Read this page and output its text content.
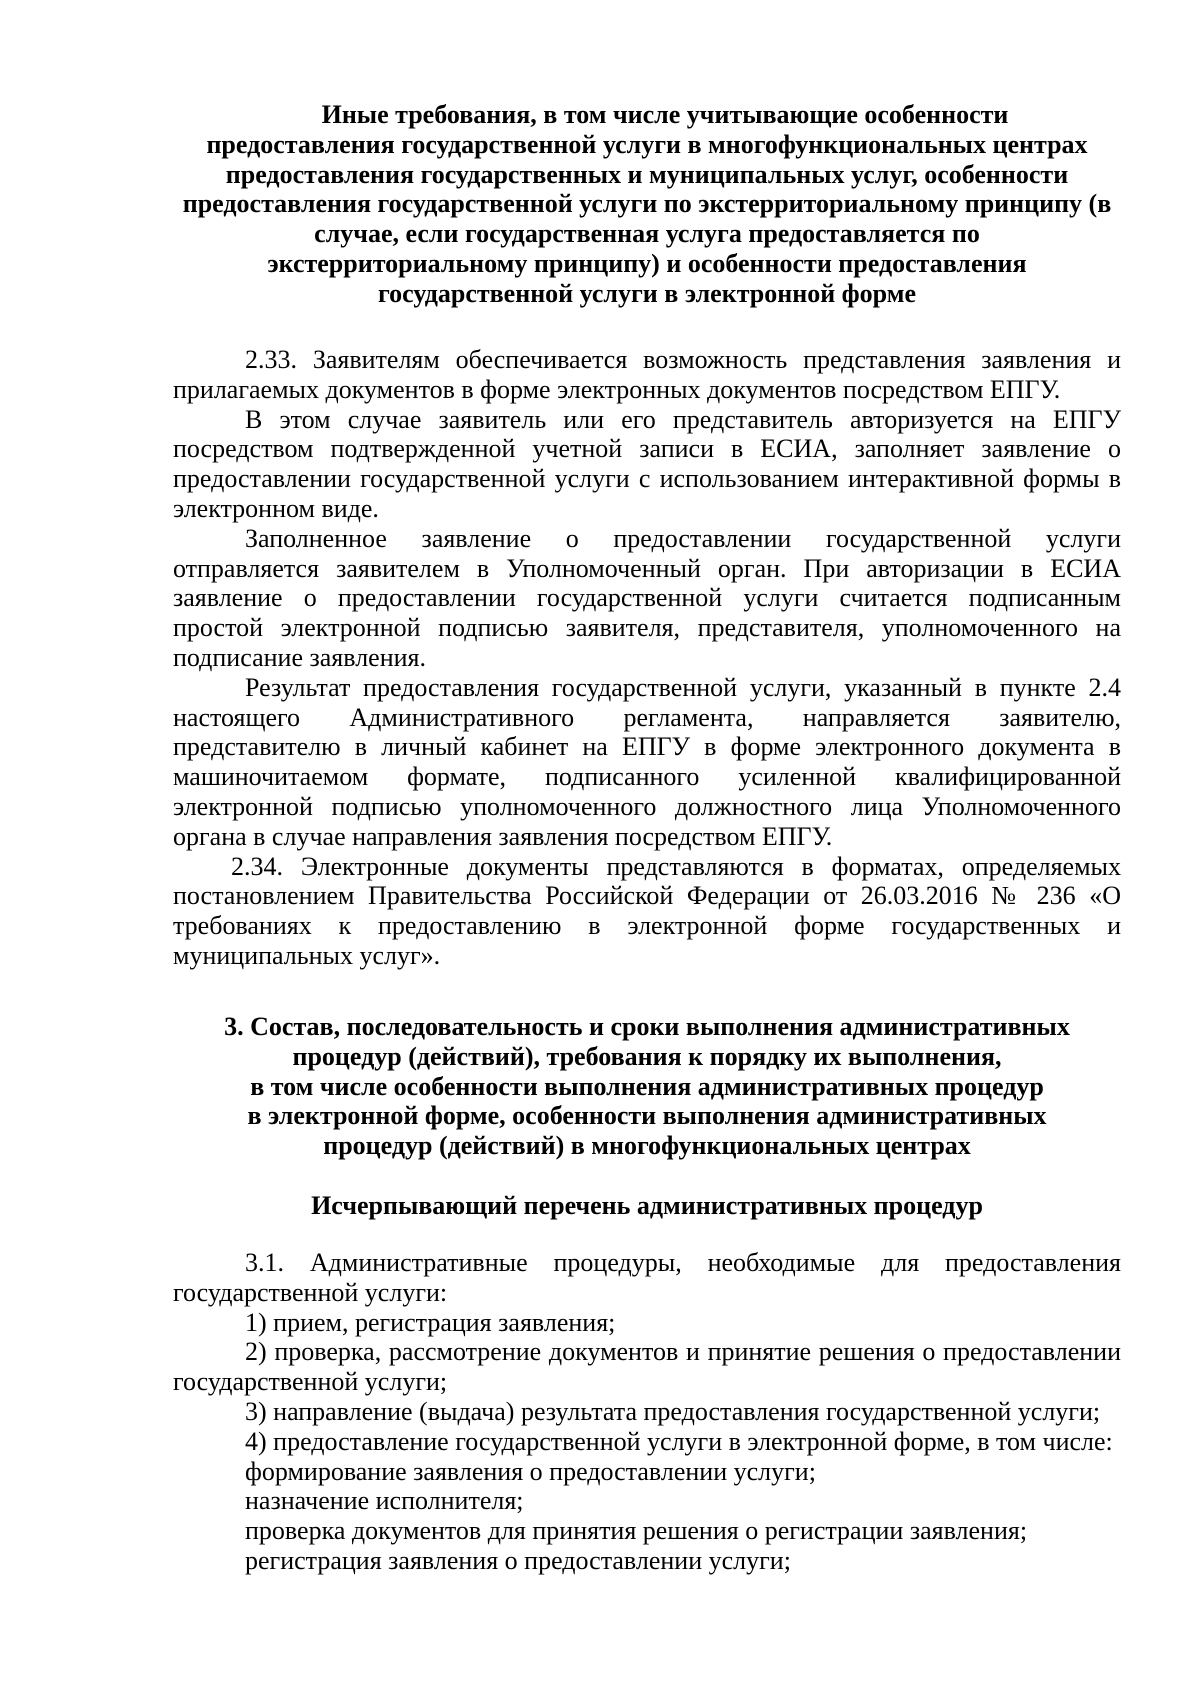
Иные требования, в том числе учитывающие особенности
предоставления государственной услуги в многофункциональных центрах
предоставления государственных и муниципальных услуг, особенности
предоставления государственной услуги по экстерриториальному принципу (в
случае, если государственная услуга предоставляется по
экстерриториальному принципу) и особенности предоставления
государственной услуги в электронной форме

2.33. Заявителям обеспечивается возможность представления заявления и прилагаемых документов в форме электронных документов посредством ЕПГУ.

В этом случае заявитель или его представитель авторизуется на ЕПГУ посредством подтвержденной учетной записи в ЕСИА, заполняет заявление о предоставлении государственной услуги с использованием интерактивной формы в электронном виде.

Заполненное заявление о предоставлении государственной услуги отправляется заявителем в Уполномоченный орган. При авторизации в ЕСИА заявление о предоставлении государственной услуги считается подписанным простой электронной подписью заявителя, представителя, уполномоченного на подписание заявления.

Результат предоставления государственной услуги, указанный в пункте 2.4 настоящего Административного регламента, направляется заявителю, представителю в личный кабинет на ЕПГУ в форме электронного документа в машиночитаемом формате, подписанного усиленной квалифицированной электронной подписью уполномоченного должностного лица Уполномоченного органа в случае направления заявления посредством ЕПГУ.

2.34. Электронные документы представляются в форматах, определяемых постановлением Правительства Российской Федерации от 26.03.2016 № 236 «О требованиях к предоставлению в электронной форме государственных и муниципальных услуг».

3. Состав, последовательность и сроки выполнения административных
процедур (действий), требования к порядку их выполнения,
в том числе особенности выполнения административных процедур
в электронной форме, особенности выполнения административных
процедур (действий) в многофункциональных центрах
Исчерпывающий перечень административных процедур

3.1. Административные процедуры, необходимые для предоставления государственной услуги:

1) прием, регистрация заявления;

2) проверка, рассмотрение документов и принятие решения о предоставлении государственной услуги;

3) направление (выдача) результата предоставления государственной услуги;

4) предоставление государственной услуги в электронной форме, в том числе:

формирование заявления о предоставлении услуги;

назначение исполнителя;

проверка документов для принятия решения о регистрации заявления;

регистрация заявления о предоставлении услуги;
